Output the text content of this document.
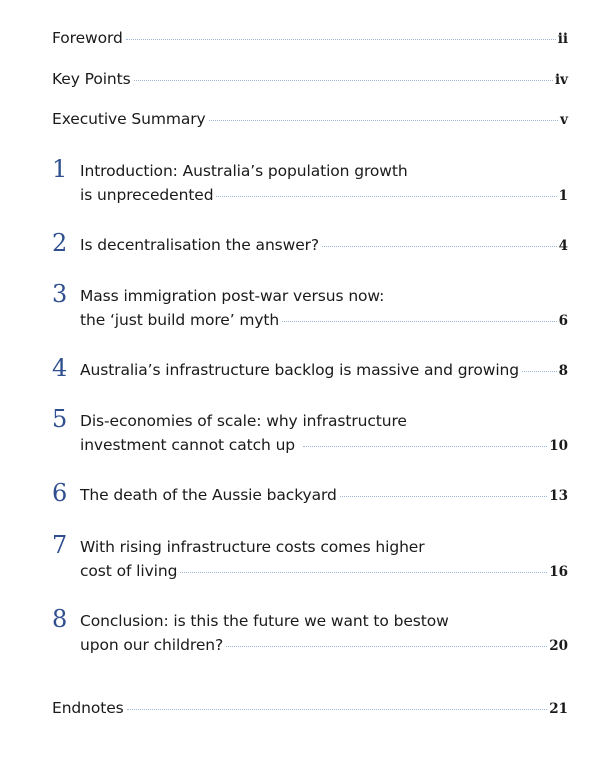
Foreword	ii
Key Points	iv
Executive Summary	v
1 Introduction: Australia’s population growth
is unprecedented	1
2 Is decentralisation the answer?	4
3 Mass immigration post-war versus now:
the ‘just build more’ myth	6
4 Australia’s infrastructure backlog is massive and growing	8
5 Dis-economies of scale: why infrastructure
investment cannot catch up	10
6 The death of the Aussie backyard	13
7 With rising infrastructure costs comes higher
cost of living	16
8 Conclusion: is this the future we want to bestow
upon our children?	20
Endnotes	21
